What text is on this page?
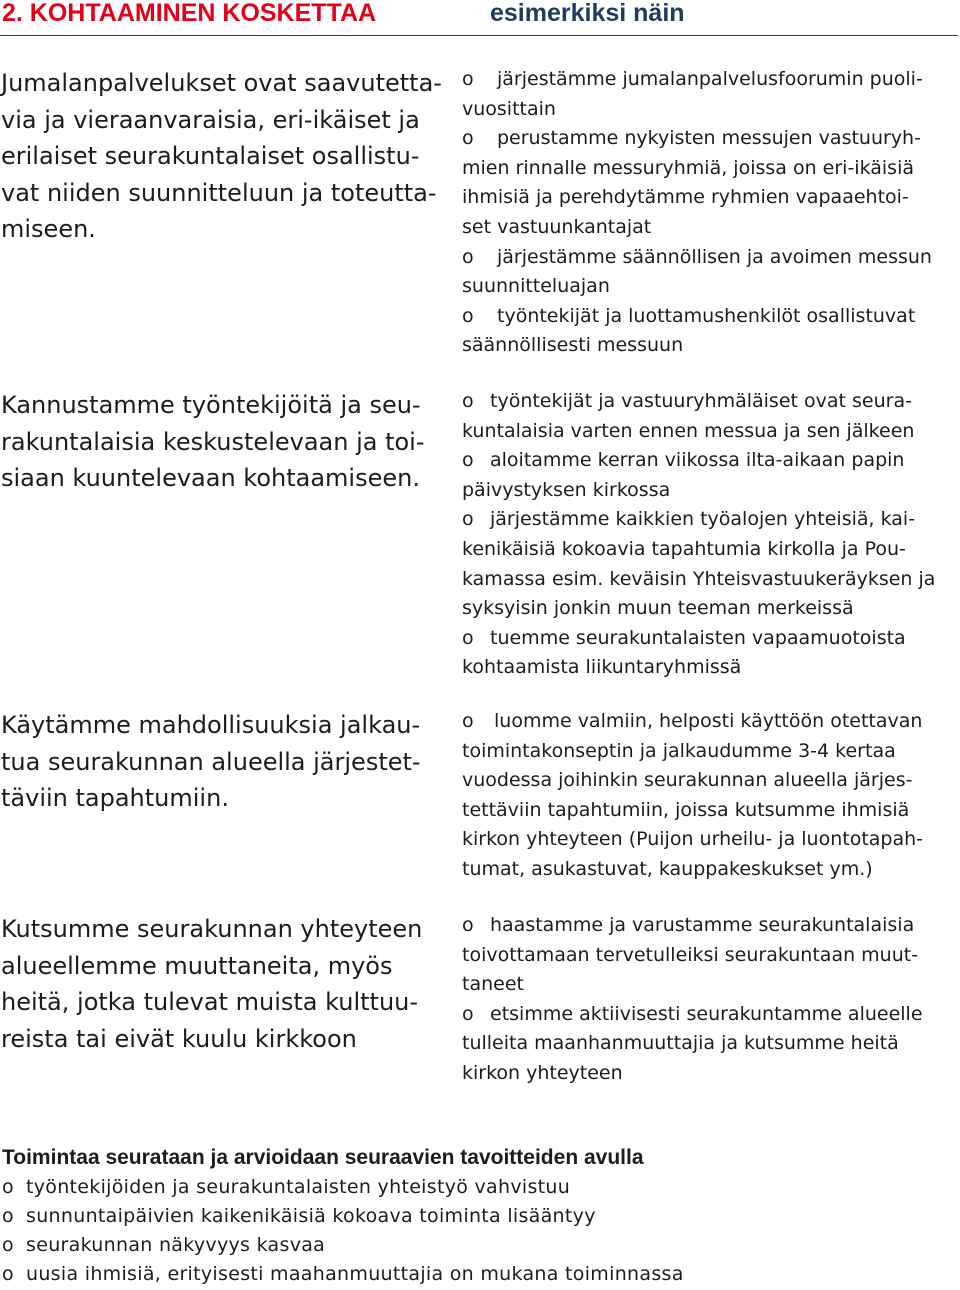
2. KOHTAAMINEN KOSKETTAA	esimerkiksi näin
Jumalanpalvelukset ovat saavutetta-
via ja vieraanvaraisia, eri-ikäiset ja
erilaiset seurakuntalaiset osallistu-
vat niiden suunnitteluun ja toteutta-
miseen.
o järjestämme jumalanpalvelusfoorumin puoli-
vuosittain
o perustamme nykyisten messujen vastuuryh-
mien rinnalle messuryhmiä, joissa on eri-ikäisiä
ihmisiä ja perehdytämme ryhmien vapaaehtoi-
set vastuunkantajat
o järjestämme säännöllisen ja avoimen messun
suunnitteluajan
o työntekijät ja luottamushenkilöt osallistuvat
säännöllisesti messuun
Kannustamme työntekijöitä ja seu-
rakuntalaisia keskustelevaan ja toi-
siaan kuuntelevaan kohtaamiseen.
o työntekijät ja vastuuryhmäläiset ovat seura-
kuntalaisia varten ennen messua ja sen jälkeen
o aloitamme kerran viikossa ilta-aikaan papin
päivystyksen kirkossa
o järjestämme kaikkien työalojen yhteisiä, kai-
kenikäisiä kokoavia tapahtumia kirkolla ja Pou-
kamassa esim. keväisin Yhteisvastuukeräyksen ja
syksyisin jonkin muun teeman merkeissä
o tuemme seurakuntalaisten vapaamuotoista
kohtaamista liikuntaryhmissä
Käytämme mahdollisuuksia jalkau-
tua seurakunnan alueella järjestet-
täviin tapahtumiin.
o luomme valmiin, helposti käyttöön otettavan
toimintakonseptin ja jalkaudumme 3-4 kertaa
vuodessa joihinkin seurakunnan alueella järjes-
tettäviin tapahtumiin, joissa kutsumme ihmisiä
kirkon yhteyteen (Puijon urheilu- ja luontotapah-
tumat, asukastuvat, kauppakeskukset ym.)
Kutsumme seurakunnan yhteyteen
alueellemme muuttaneita, myös
heitä, jotka tulevat muista kulttuu-
reista tai eivät kuulu kirkkoon
o haastamme ja varustamme seurakuntalaisia
toivottamaan tervetulleiksi seurakuntaan muut-
taneet
o etsimme aktiivisesti seurakuntamme alueelle
tulleita maanhanmuuttajia ja kutsumme heitä
kirkon yhteyteen
Toimintaa seurataan ja arvioidaan seuraavien tavoitteiden avulla
o työntekijöiden ja seurakuntalaisten yhteistyö vahvistuu
o sunnuntaipäivien kaikenikäisiä kokoava toiminta lisääntyy
o seurakunnan näkyvyys kasvaa
o uusia ihmisiä, erityisesti maahanmuuttajia on mukana toiminnassa
